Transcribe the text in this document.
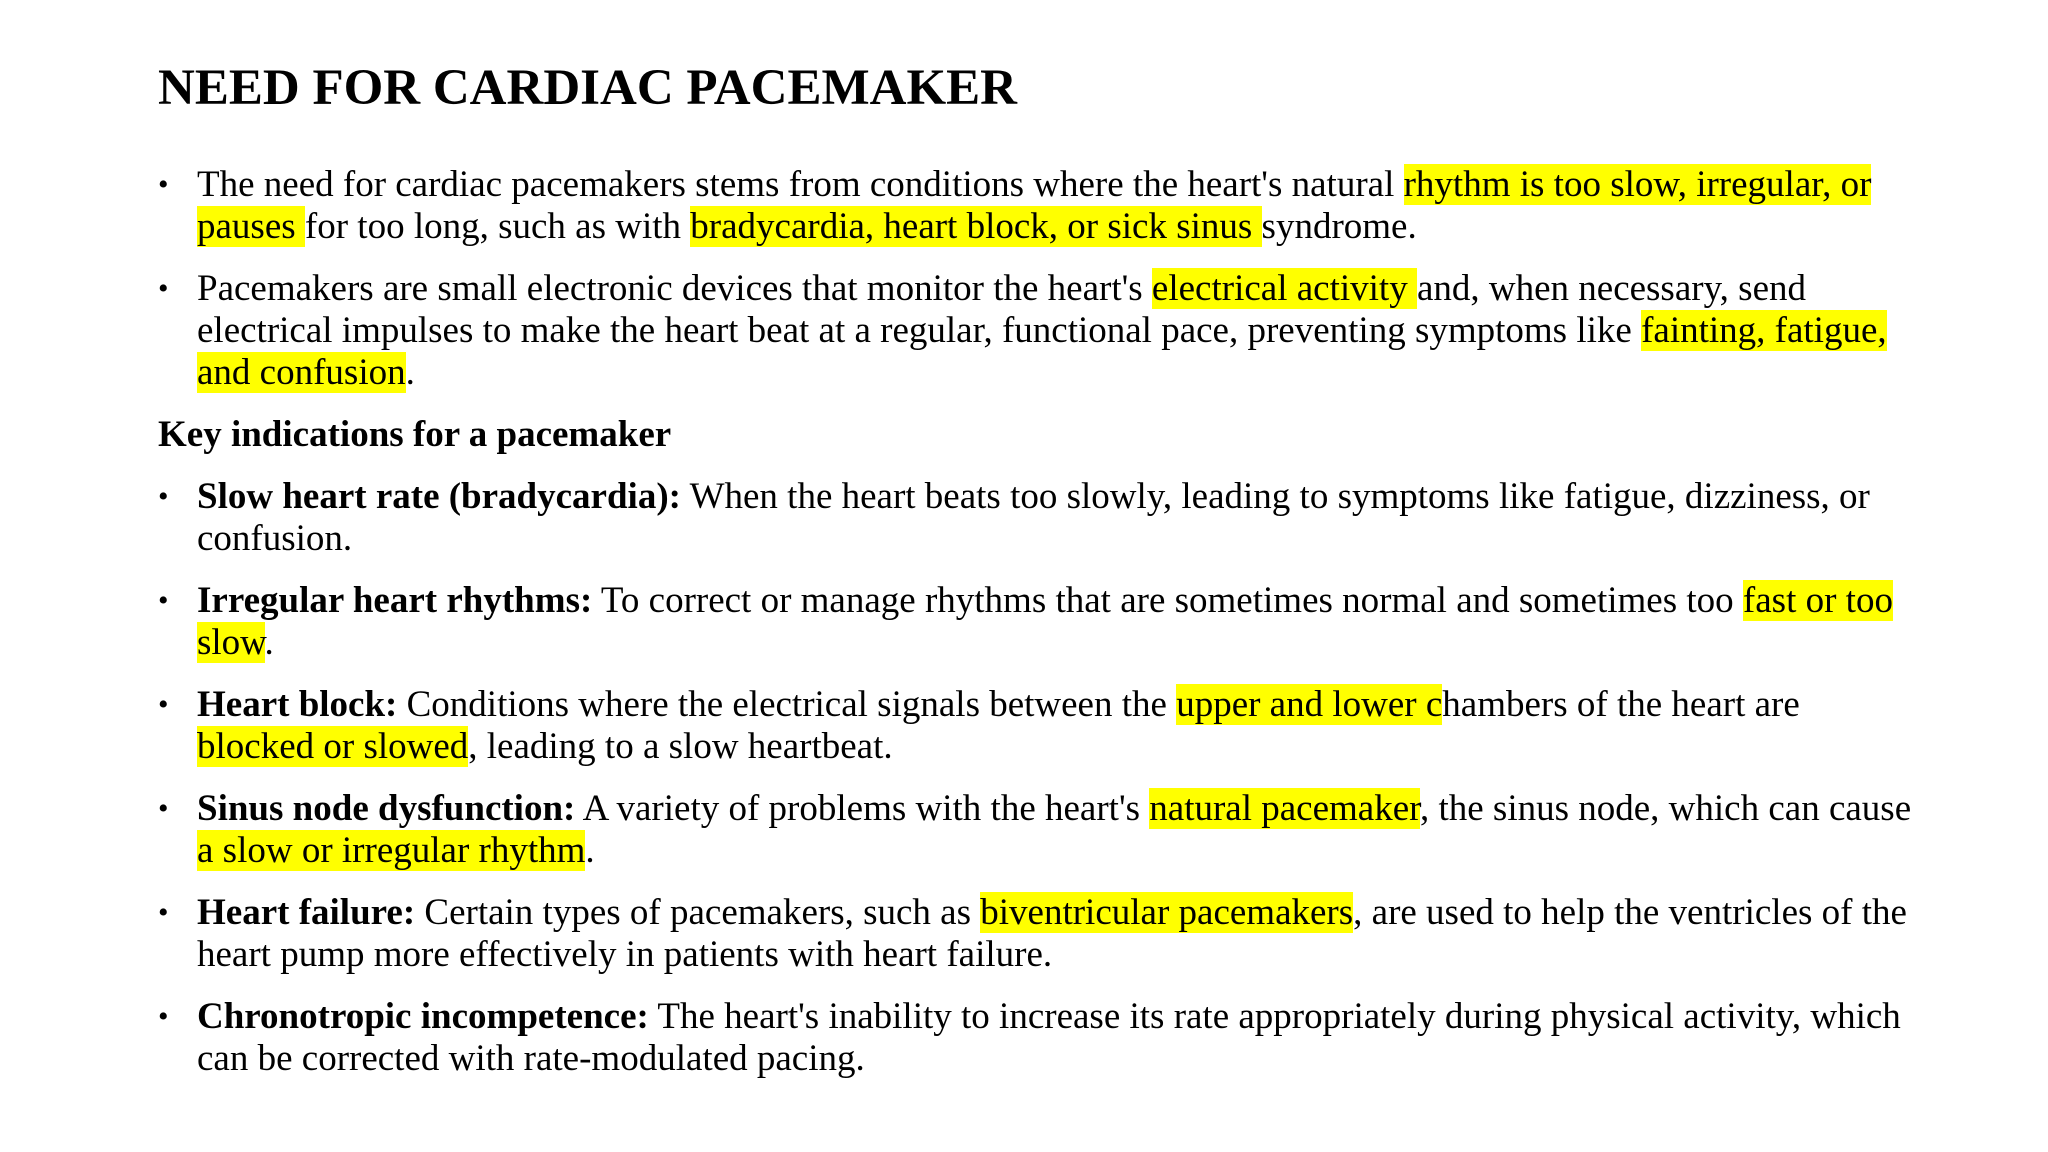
NEED FOR CARDIAC PACEMAKER
• The need for cardiac pacemakers stems from conditions where the heart's natural rhythm is too slow, irregular, or pauses for too long, such as with bradycardia, heart block, or sick sinus syndrome.
• Pacemakers are small electronic devices that monitor the heart's electrical activity and, when necessary, send electrical impulses to make the heart beat at a regular, functional pace, preventing symptoms like fainting, fatigue, and confusion.
Key indications for a pacemaker
• Slow heart rate (bradycardia): When the heart beats too slowly, leading to symptoms like fatigue, dizziness, or confusion.
• Irregular heart rhythms: To correct or manage rhythms that are sometimes normal and sometimes too fast or too slow.
• Heart block: Conditions where the electrical signals between the upper and lower chambers of the heart are blocked or slowed, leading to a slow heartbeat.
• Sinus node dysfunction: A variety of problems with the heart's natural pacemaker, the sinus node, which can cause a slow or irregular rhythm.
• Heart failure: Certain types of pacemakers, such as biventricular pacemakers, are used to help the ventricles of the heart pump more effectively in patients with heart failure.
• Chronotropic incompetence: The heart's inability to increase its rate appropriately during physical activity, which can be corrected with rate-modulated pacing.
